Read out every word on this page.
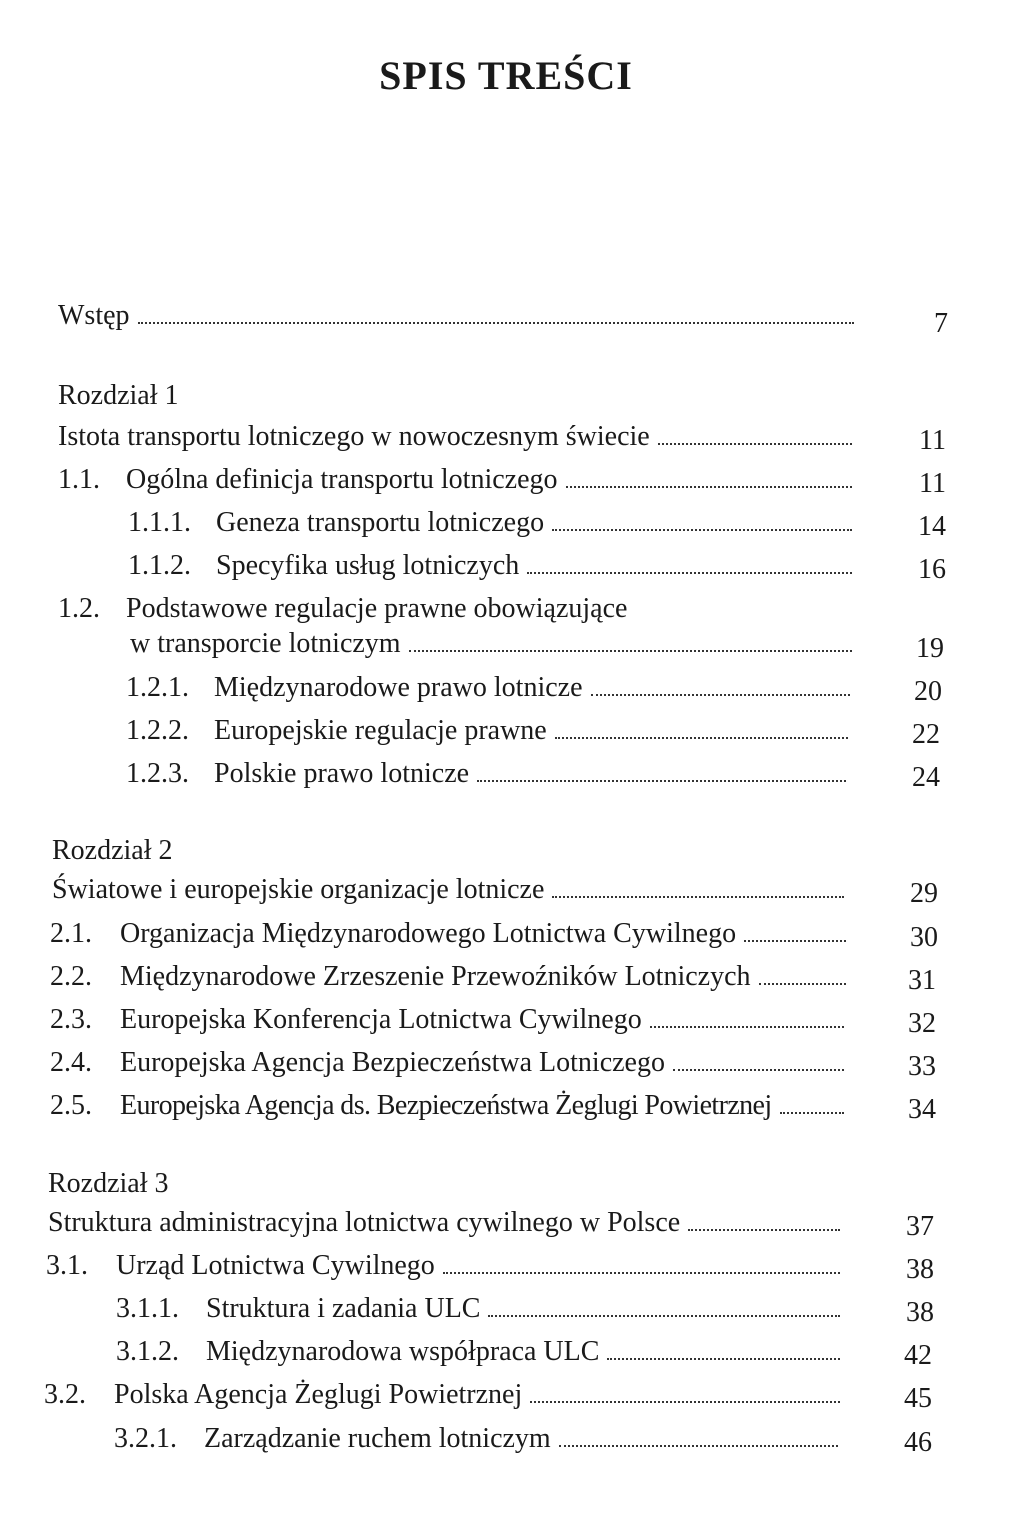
SPIS TREŚCI
Wstęp	7
Rozdział 1
Istota transportu lotniczego w nowoczesnym świecie	11
1.1. Ogólna definicja transportu lotniczego	11
1.1.1. Geneza transportu lotniczego	14
1.1.2. Specyfika usług lotniczych	16
1.2. Podstawowe regulacje prawne obowiązujące
w transporcie lotniczym	19
1.2.1. Międzynarodowe prawo lotnicze	20
1.2.2. Europejskie regulacje prawne	22
1.2.3. Polskie prawo lotnicze	24
Rozdział 2
Światowe i europejskie organizacje lotnicze	29
2.1.	Organizacja Międzynarodowego Lotnictwa Cywilnego	30
2.2.	Międzynarodowe Zrzeszenie Przewoźników Lotniczych	31
2.3.	Europejska Konferencja Lotnictwa Cywilnego	32
2.4.	Europejska Agencja Bezpieczeństwa Lotniczego	33
2.5.	Europejska Agencja ds. Bezpieczeństwa Żeglugi Powietrznej	34
Rozdział 3
Struktura administracyjna lotnictwa cywilnego w Polsce	37
3.1.	Urząd Lotnictwa Cywilnego	38
3.1.1. Struktura i zadania ULC	38
3.1.2. Międzynarodowa współpraca ULC	42
3.2.	Polska Agencja Żeglugi Powietrznej	45
3.2.1. Zarządzanie ruchem lotniczym	46
